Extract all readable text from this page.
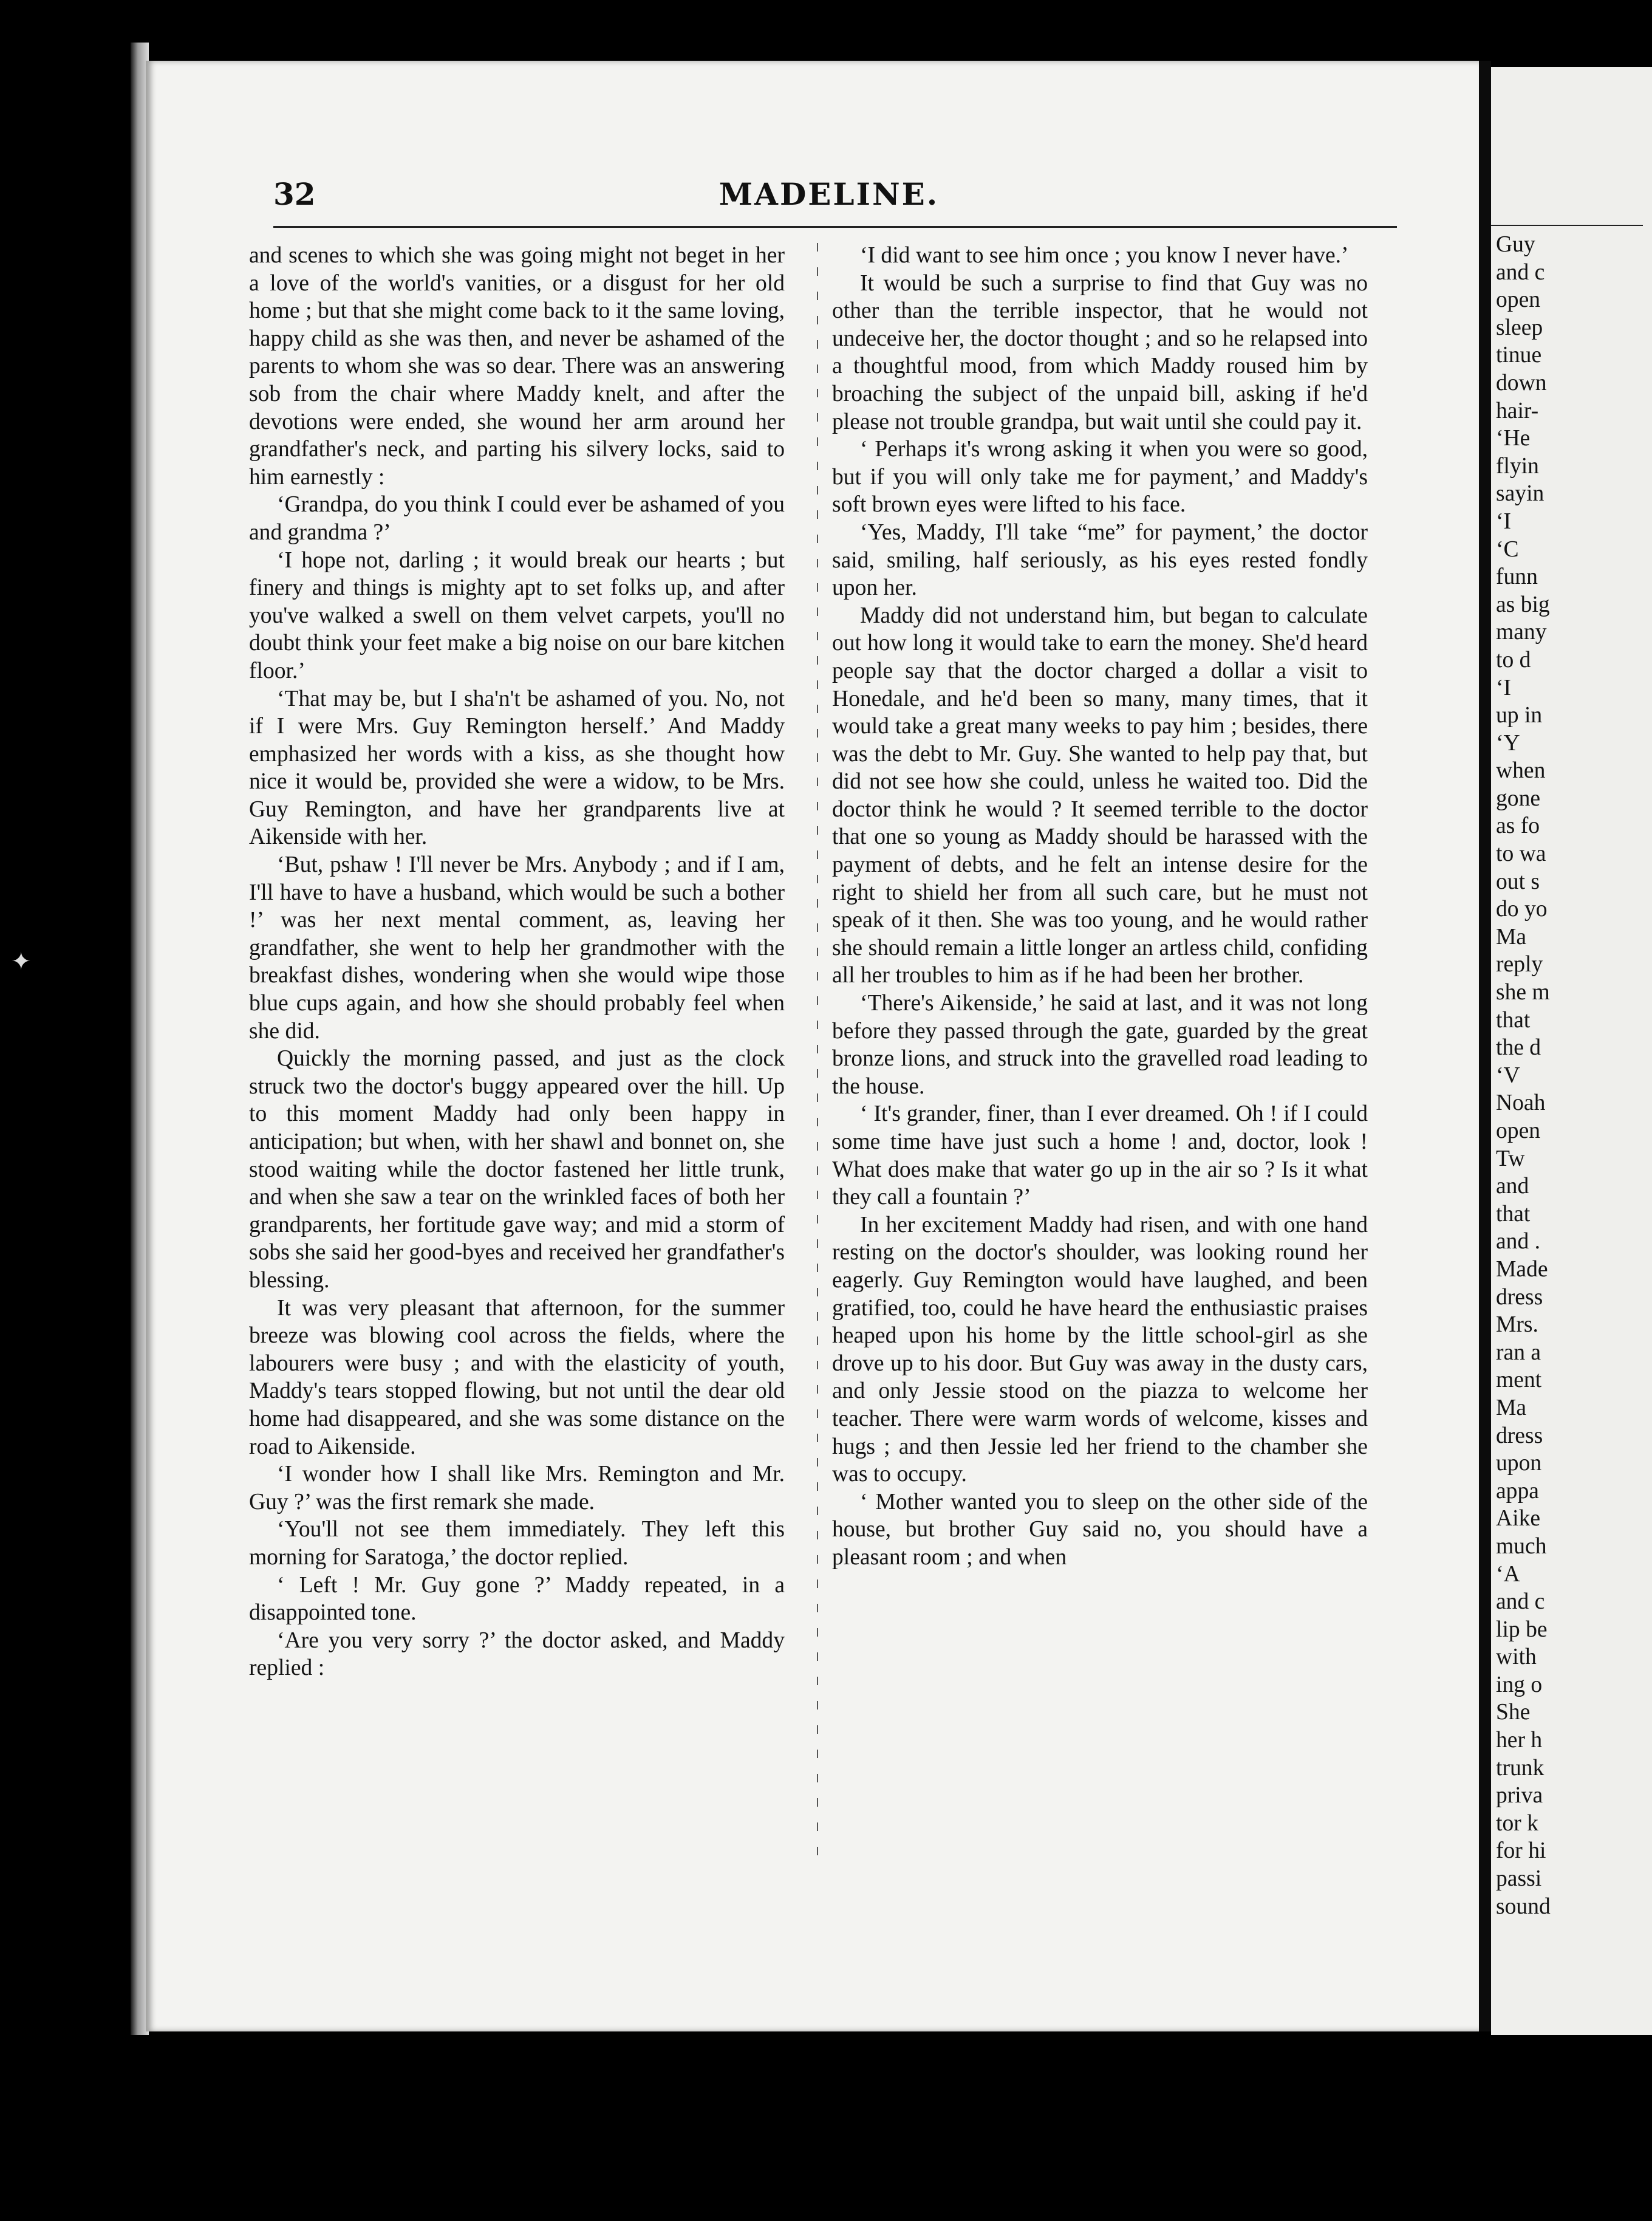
✦
32	MADELINE.

and scenes to which she was going might not beget in her a love of the world's vanities, or a disgust for her old home ; but that she might come back to it the same loving, happy child as she was then, and never be ashamed of the parents to whom she was so dear. There was an answering sob from the chair where Maddy knelt, and after the devotions were ended, she wound her arm around her grandfather's neck, and parting his silvery locks, said to him earnestly :

‘Grandpa, do you think I could ever be ashamed of you and grandma ?’

‘I hope not, darling ; it would break our hearts ; but finery and things is mighty apt to set folks up, and after you've walked a swell on them velvet carpets, you'll no doubt think your feet make a big noise on our bare kitchen floor.’

‘That may be, but I sha'n't be ashamed of you. No, not if I were Mrs. Guy Remington herself.’ And Maddy emphasized her words with a kiss, as she thought how nice it would be, provided she were a widow, to be Mrs. Guy Remington, and have her grandparents live at Aikenside with her.

‘But, pshaw ! I'll never be Mrs. Anybody ; and if I am, I'll have to have a husband, which would be such a bother !’ was her next mental comment, as, leaving her grandfather, she went to help her grandmother with the breakfast dishes, wondering when she would wipe those blue cups again, and how she should probably feel when she did.

Quickly the morning passed, and just as the clock struck two the doctor's buggy appeared over the hill. Up to this moment Maddy had only been happy in anticipation; but when, with her shawl and bonnet on, she stood waiting while the doctor fastened her little trunk, and when she saw a tear on the wrinkled faces of both her grandparents, her fortitude gave way; and mid a storm of sobs she said her good-byes and received her grandfather's blessing.

It was very pleasant that afternoon, for the summer breeze was blowing cool across the fields, where the labourers were busy ; and with the elasticity of youth, Maddy's tears stopped flowing, but not until the dear old home had disappeared, and she was some distance on the road to Aikenside.

‘I wonder how I shall like Mrs. Remington and Mr. Guy ?’ was the first remark she made.

‘You'll not see them immediately. They left this morning for Saratoga,’ the doctor replied.

‘ Left ! Mr. Guy gone ?’ Maddy repeated, in a disappointed tone.

‘Are you very sorry ?’ the doctor asked, and Maddy replied :

‘I did want to see him once ; you know I never have.’

It would be such a surprise to find that Guy was no other than the terrible inspector, that he would not undeceive her, the doctor thought ; and so he relapsed into a thoughtful mood, from which Maddy roused him by broaching the subject of the unpaid bill, asking if he'd please not trouble grandpa, but wait until she could pay it.

‘ Perhaps it's wrong asking it when you were so good, but if you will only take me for payment,’ and Maddy's soft brown eyes were lifted to his face.

‘Yes, Maddy, I'll take “me” for payment,’ the doctor said, smiling, half seriously, as his eyes rested fondly upon her.

Maddy did not understand him, but began to calculate out how long it would take to earn the money. She'd heard people say that the doctor charged a dollar a visit to Honedale, and he'd been so many, many times, that it would take a great many weeks to pay him ; besides, there was the debt to Mr. Guy. She wanted to help pay that, but did not see how she could, unless he waited too. Did the doctor think he would ? It seemed terrible to the doctor that one so young as Maddy should be harassed with the payment of debts, and he felt an intense desire for the right to shield her from all such care, but he must not speak of it then. She was too young, and he would rather she should remain a little longer an artless child, confiding all her troubles to him as if he had been her brother.

‘There's Aikenside,’ he said at last, and it was not long before they passed through the gate, guarded by the great bronze lions, and struck into the gravelled road leading to the house.

‘ It's grander, finer, than I ever dreamed. Oh ! if I could some time have just such a home ! and, doctor, look ! What does make that water go up in the air so ? Is it what they call a fountain ?’

In her excitement Maddy had risen, and with one hand resting on the doctor's shoulder, was looking round her eagerly. Guy Remington would have laughed, and been gratified, too, could he have heard the enthusiastic praises heaped upon his home by the little school-girl as she drove up to his door. But Guy was away in the dusty cars, and only Jessie stood on the piazza to welcome her teacher. There were warm words of welcome, kisses and hugs ; and then Jessie led her friend to the chamber she was to occupy.

‘ Mother wanted you to sleep on the other side of the house, but brother Guy said no, you should have a pleasant room ; and when

Guy
and c
open
sleep
tinue
down
hair-
‘He
flyin
sayin
‘I
‘C
funn
as big
many
to d
‘I
up in
‘Y
when
gone
as fo
to wa
out s
do yo
Ma
reply
she m
that
the d
‘V
Noah
open
Tw
and
that
and .
Made
dress
Mrs.
ran a
ment
Ma
dress
upon
appa
Aike
much
‘A
and c
lip be
with
ing o
She
her h
trunk
priva
tor k
for hi
passi
sound
